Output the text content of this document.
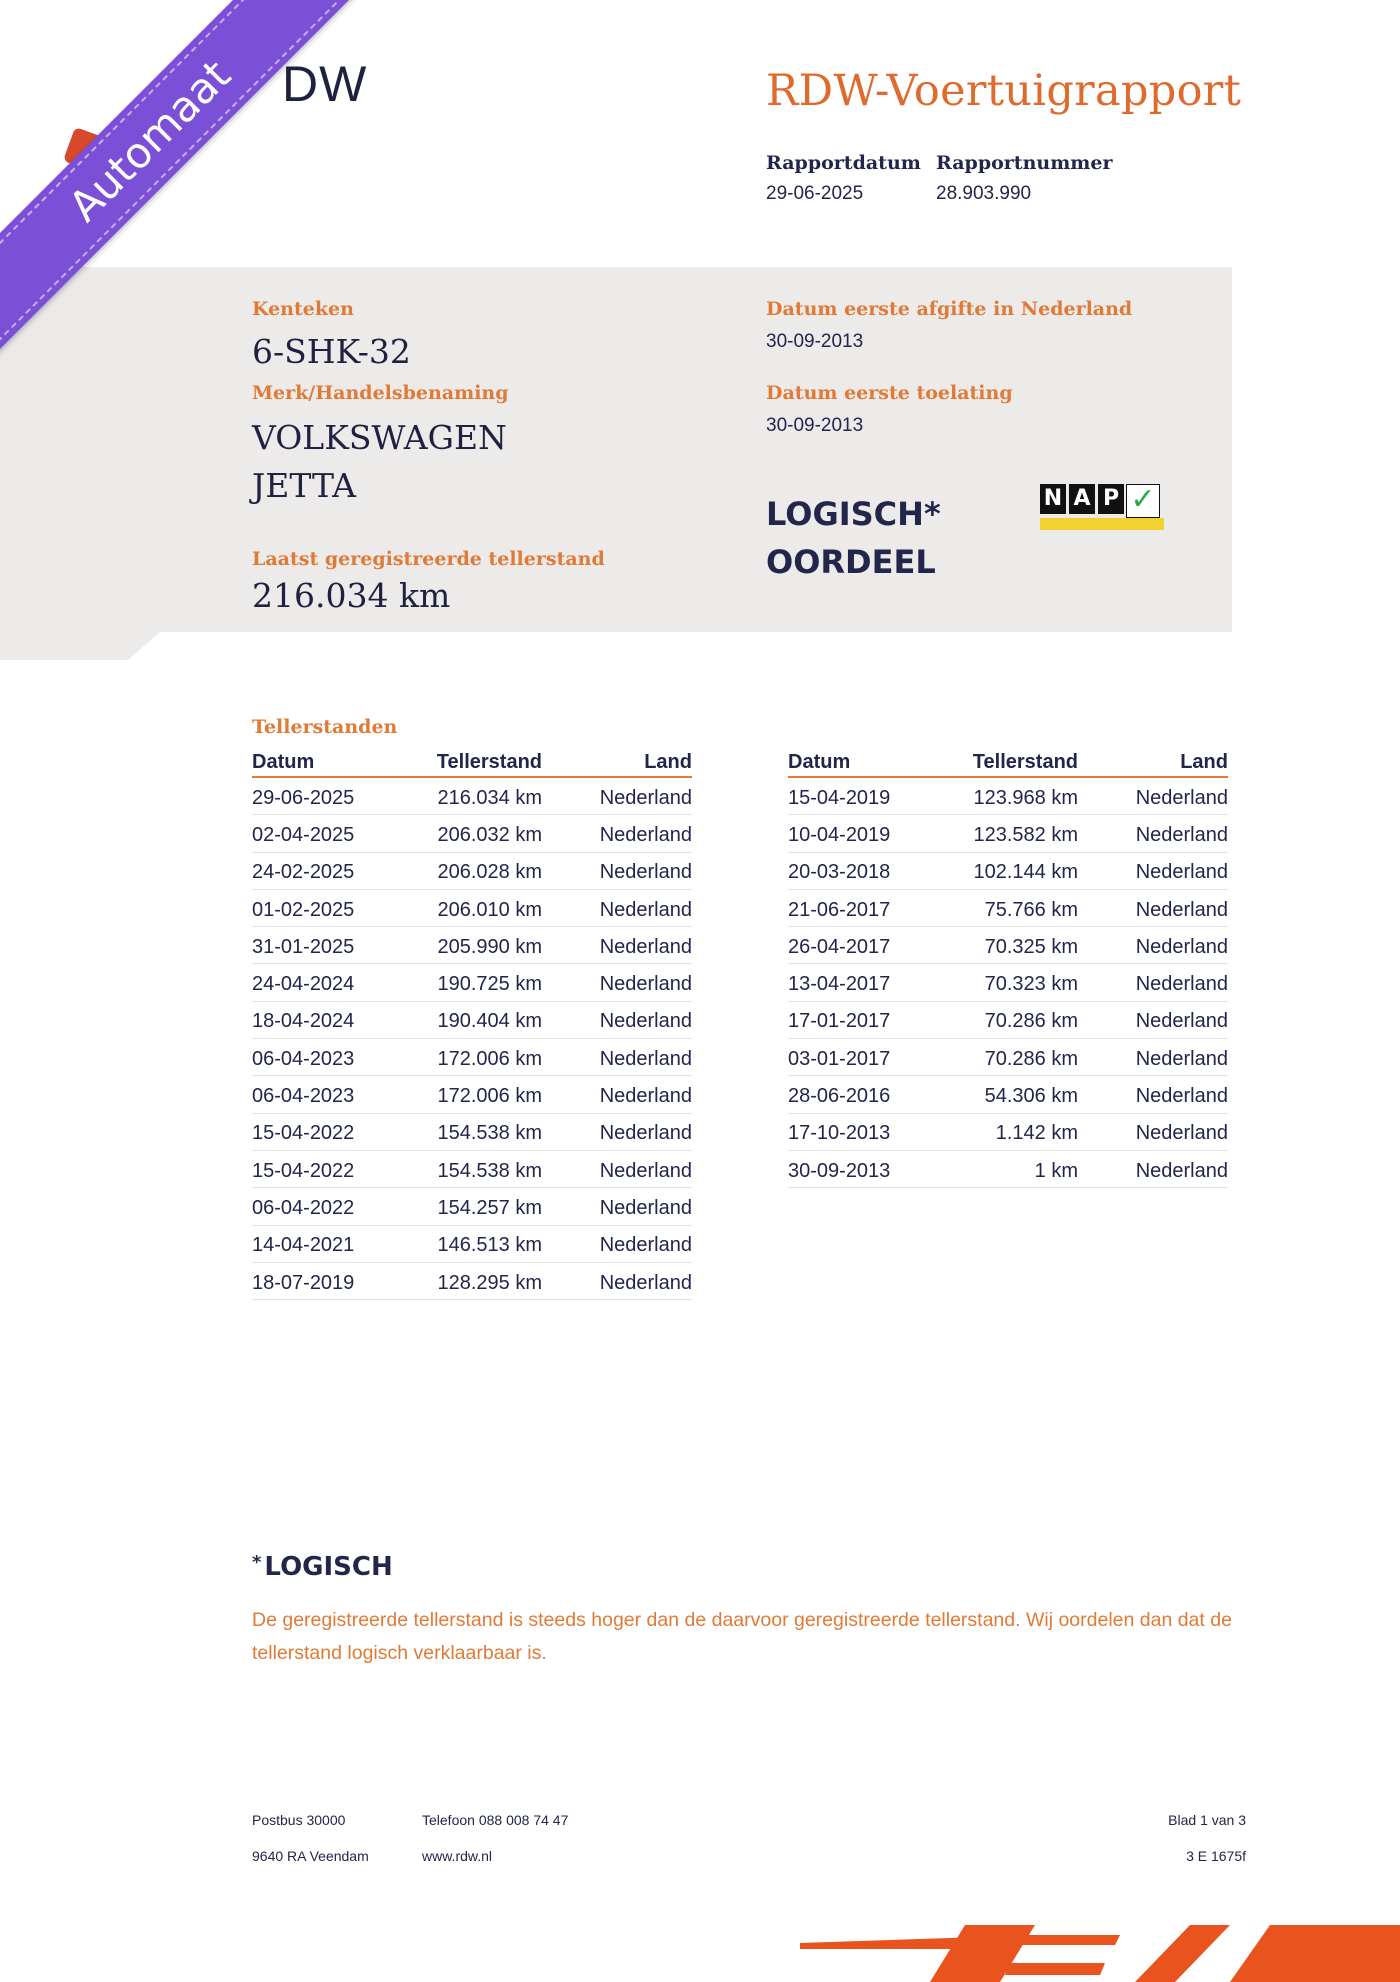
DW	RDW-Voertuigrapport
Rapportdatum
29-06-2025
Rapportnummer
28.903.990
Kenteken
6-SHK-32
Merk/Handelsbenaming
VOLKSWAGEN
JETTA
Laatst geregistreerde tellerstand
216.034 km
Datum eerste afgifte in Nederland
30-09-2013
Datum eerste toelating
30-09-2013
LOGISCH*
OORDEEL
N A P ✓
Tellerstanden
Datum	Tellerstand	Land
29-06-2025	216.034 km	Nederland
02-04-2025	206.032 km	Nederland
24-02-2025	206.028 km	Nederland
01-02-2025	206.010 km	Nederland
31-01-2025	205.990 km	Nederland
24-04-2024	190.725 km	Nederland
18-04-2024	190.404 km	Nederland
06-04-2023	172.006 km	Nederland
06-04-2023	172.006 km	Nederland
15-04-2022	154.538 km	Nederland
15-04-2022	154.538 km	Nederland
06-04-2022	154.257 km	Nederland
14-04-2021	146.513 km	Nederland
18-07-2019	128.295 km	Nederland
Datum	Tellerstand	Land
15-04-2019	123.968 km	Nederland
10-04-2019	123.582 km	Nederland
20-03-2018	102.144 km	Nederland
21-06-2017	75.766 km	Nederland
26-04-2017	70.325 km	Nederland
13-04-2017	70.323 km	Nederland
17-01-2017	70.286 km	Nederland
03-01-2017	70.286 km	Nederland
28-06-2016	54.306 km	Nederland
17-10-2013	1.142 km	Nederland
30-09-2013	1 km	Nederland
* LOGISCH
De geregistreerde tellerstand is steeds hoger dan de daarvoor geregistreerde tellerstand. Wij oordelen dan dat de tellerstand logisch verklaarbaar is.
Postbus 30000
9640 RA Veendam
Telefoon 088 008 74 47
www.rdw.nl
Blad 1 van 3
3 E 1675f
Automaat
